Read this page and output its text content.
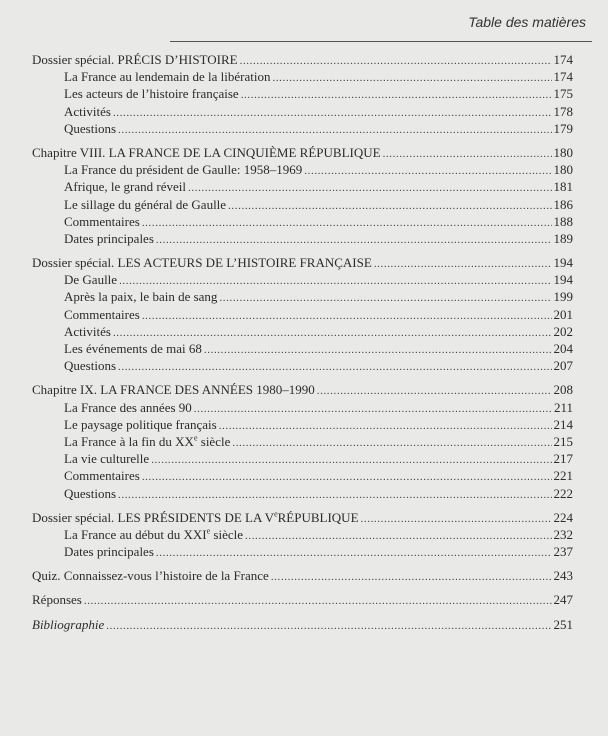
Table des matières
Dossier spécial. PRÉCIS D’HISTOIRE .....	174
La France au lendemain de la libération .....	174
Les acteurs de l’histoire française .....	175
Activités .....	178
Questions .....	179
Chapitre VIII. LA FRANCE DE LA CINQUIÈME RÉPUBLIQUE .....	180
La France du président de Gaulle: 1958–1969 .....	180
Afrique, le grand réveil .....	181
Le sillage du général de Gaulle .....	186
Commentaires .....	188
Dates principales .....	189
Dossier spécial. LES ACTEURS DE L’HISTOIRE FRANÇAISE .....	194
De Gaulle .....	194
Après la paix, le bain de sang .....	199
Commentaires .....	201
Activités .....	202
Les événements de mai 68 .....	204
Questions .....	207
Chapitre IX. LA FRANCE DES ANNÉES 1980–1990 .....	208
La France des années 90 .....	211
Le paysage politique français .....	214
La France à la fin du XXe siècle .....	215
La vie culturelle .....	217
Commentaires .....	221
Questions .....	222
Dossier spécial. LES PRÉSIDENTS DE LA VeRÉPUBLIQUE .....	224
La France au début du XXIe siècle .....	232
Dates principales .....	237
Quiz. Connaissez-vous l’histoire de la France .....	243
Réponses .....	247
Bibliographie .....	251
